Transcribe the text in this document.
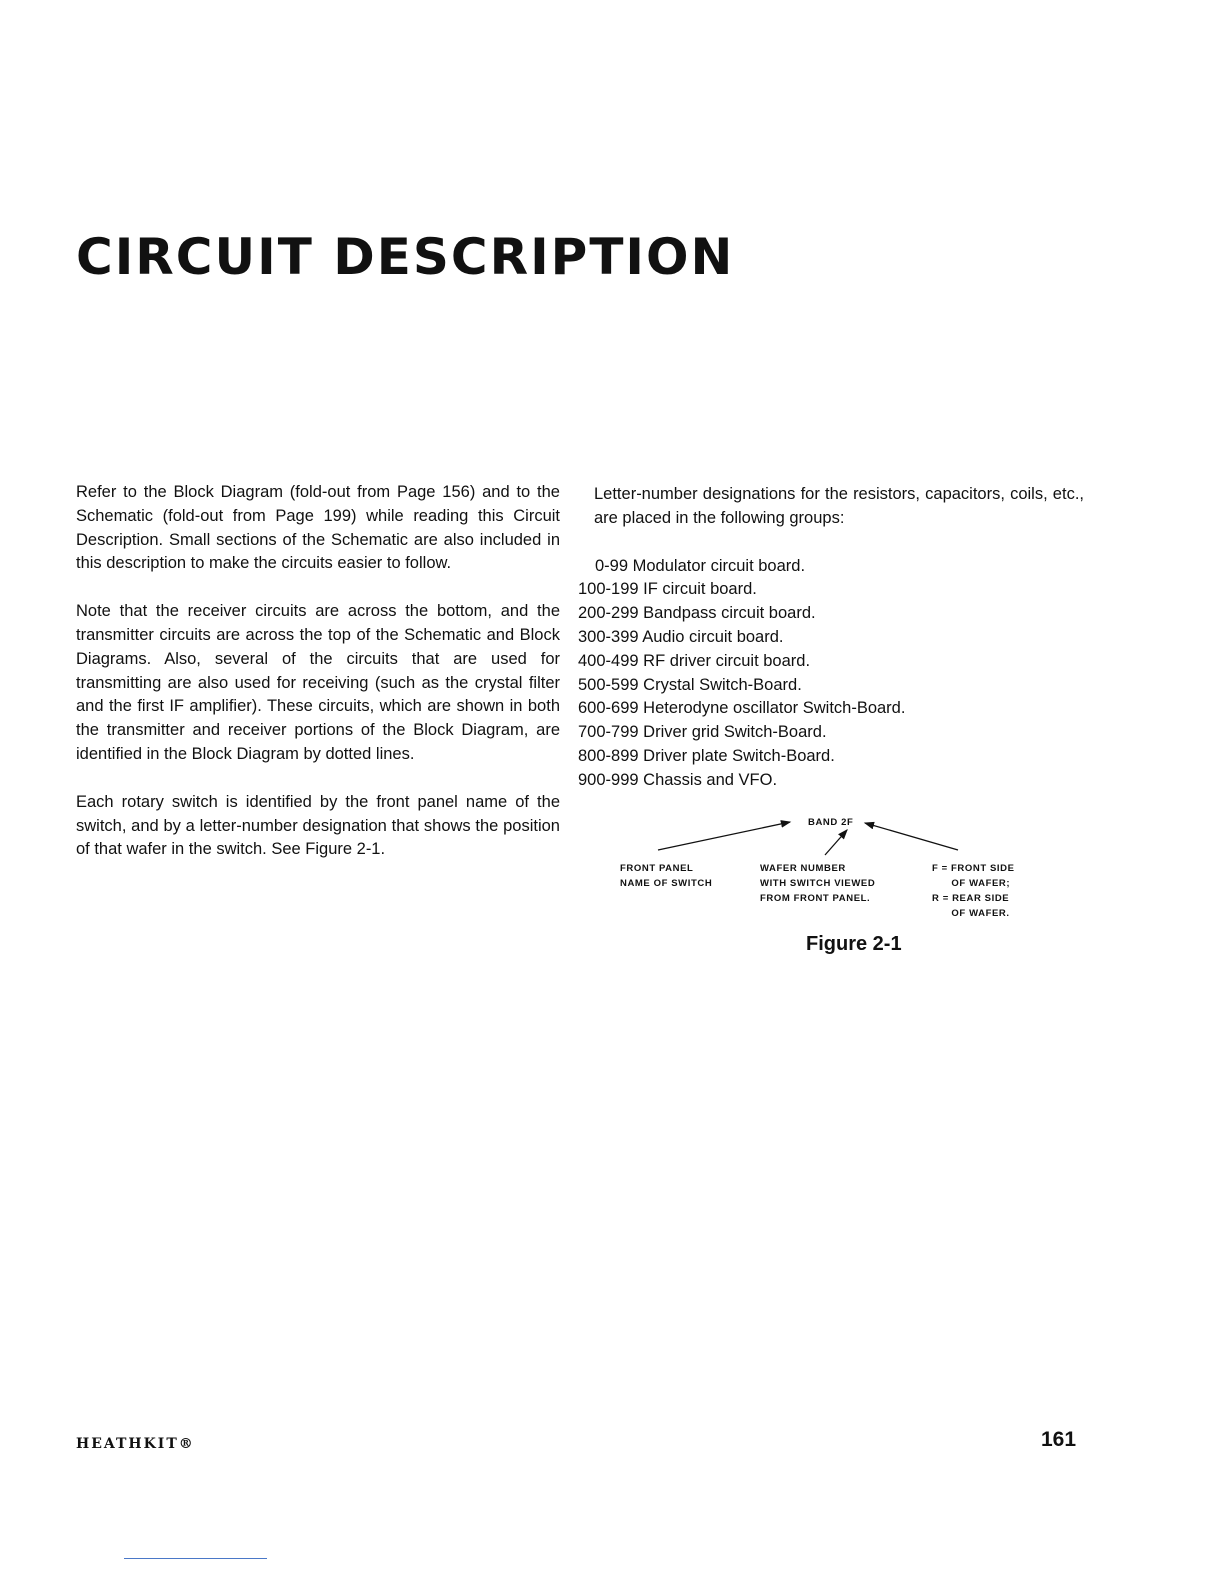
CIRCUIT DESCRIPTION

Refer to the Block Diagram (fold-out from Page 156) and to the Schematic (fold-out from Page 199) while reading this Circuit Description. Small sections of the Schematic are also included in this description to make the circuits easier to follow.

Note that the receiver circuits are across the bottom, and the transmitter circuits are across the top of the Schematic and Block Diagrams. Also, several of the circuits that are used for transmitting are also used for receiving (such as the crystal filter and the first IF amplifier). These circuits, which are shown in both the transmitter and receiver portions of the Block Diagram, are identified in the Block Diagram by dotted lines.

Each rotary switch is identified by the front panel name of the switch, and by a letter-number designation that shows the position of that wafer in the switch. See Figure 2-1.

Letter-number designations for the resistors, capacitors, coils, etc., are placed in the following groups:

0-99 Modulator circuit board.
100-199 IF circuit board.
200-299 Bandpass circuit board.
300-399 Audio circuit board.
400-499 RF driver circuit board.
500-599 Crystal Switch-Board.
600-699 Heterodyne oscillator Switch-Board.
700-799 Driver grid Switch-Board.
800-899 Driver plate Switch-Board.
900-999 Chassis and VFO.
BAND 2F
FRONT PANEL
NAME OF SWITCH
WAFER NUMBER
WITH SWITCH VIEWED
FROM FRONT PANEL.
F = FRONT SIDE
OF WAFER;
R = REAR SIDE
OF WAFER.
Figure 2-1
HEATHKIT®	161
